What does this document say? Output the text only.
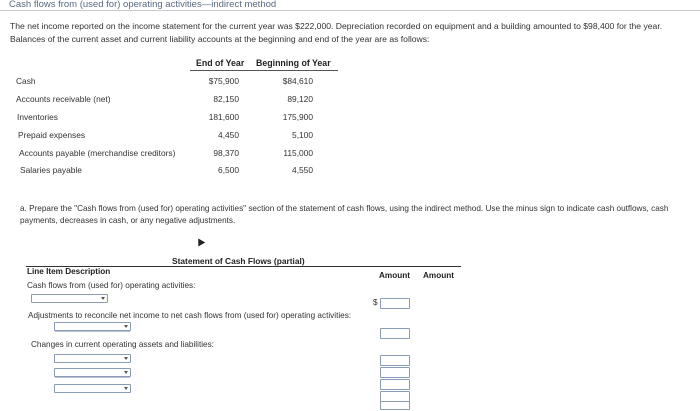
Cash flows from (used for) operating activities—indirect method
The net income reported on the income statement for the current year was $222,000. Depreciation recorded on equipment and a building amounted to $98,400 for the year. Balances of the current asset and current liability accounts at the beginning and end of the year are as follows:
End of Year Beginning of Year
Cash	$75,900	$84,610
Accounts receivable (net)	82,150	89,120
Inventories	181,600	175,900
Prepaid expenses	4,450	5,100
Accounts payable (merchandise creditors)	98,370	115,000
Salaries payable	6,500	4,550
a. Prepare the "Cash flows from (used for) operating activities" section of the statement of cash flows, using the indirect method. Use the minus sign to indicate cash outflows, cash payments, decreases in cash, or any negative adjustments.
Statement of Cash Flows (partial)
Line Item Description	Amount Amount
Cash flows from (used for) operating activities:
$
Adjustments to reconcile net income to net cash flows from (used for) operating activities:
Changes in current operating assets and liabilities:
